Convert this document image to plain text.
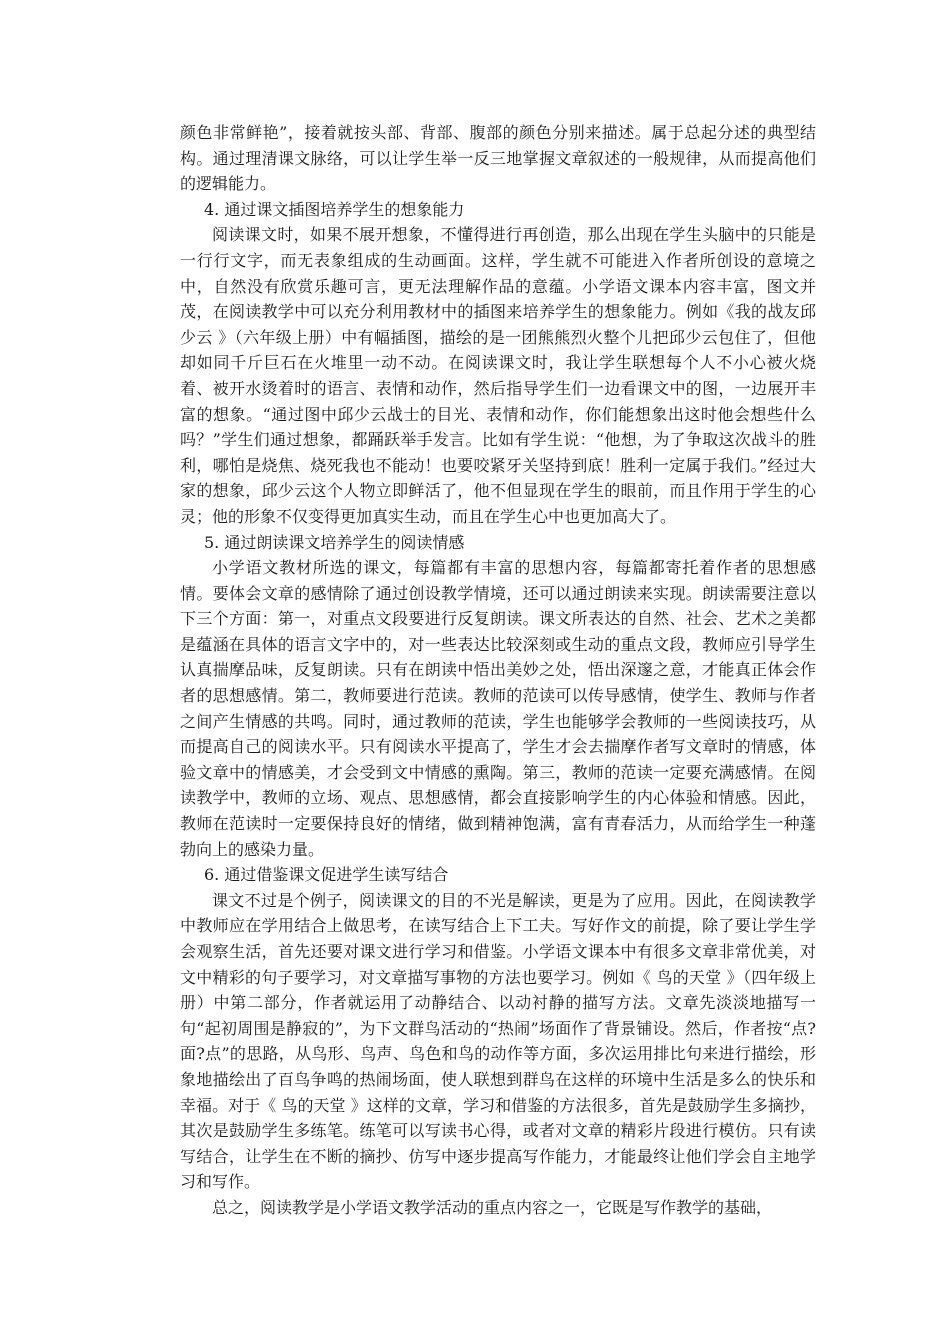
颜色非常鲜艳”，接着就按头部、背部、腹部的颜色分别来描述。属于总起分述的典型结构。通过理清课文脉络，可以让学生举一反三地掌握文章叙述的一般规律，从而提高他们的逻辑能力。

4. 通过课文插图培养学生的想象能力

阅读课文时，如果不展开想象，不懂得进行再创造，那么出现在学生头脑中的只能是一行行文字，而无表象组成的生动画面。这样，学生就不可能进入作者所创设的意境之中，自然没有欣赏乐趣可言，更无法理解作品的意蕴。小学语文课本内容丰富，图文并茂，在阅读教学中可以充分利用教材中的插图来培养学生的想象能力。例如《我的战友邱少云 》（六年级上册）中有幅插图，描绘的是一团熊熊烈火整个儿把邱少云包住了，但他却如同千斤巨石在火堆里一动不动。在阅读课文时，我让学生联想每个人不小心被火烧着、被开水烫着时的语言、表情和动作，然后指导学生们一边看课文中的图，一边展开丰富的想象。“通过图中邱少云战士的目光、表情和动作，你们能想象出这时他会想些什么吗？”学生们通过想象，都踊跃举手发言。比如有学生说：“他想，为了争取这次战斗的胜利，哪怕是烧焦、烧死我也不能动！也要咬紧牙关坚持到底！胜利一定属于我们。”经过大家的想象，邱少云这个人物立即鲜活了，他不但显现在学生的眼前，而且作用于学生的心灵；他的形象不仅变得更加真实生动，而且在学生心中也更加高大了。

5. 通过朗读课文培养学生的阅读情感

小学语文教材所选的课文，每篇都有丰富的思想内容，每篇都寄托着作者的思想感情。要体会文章的感情除了通过创设教学情境，还可以通过朗读来实现。朗读需要注意以下三个方面：第一，对重点文段要进行反复朗读。课文所表达的自然、社会、艺术之美都是蕴涵在具体的语言文字中的，对一些表达比较深刻或生动的重点文段，教师应引导学生认真揣摩品味，反复朗读。只有在朗读中悟出美妙之处，悟出深邃之意，才能真正体会作者的思想感情。第二，教师要进行范读。教师的范读可以传导感情，使学生、教师与作者之间产生情感的共鸣。同时，通过教师的范读，学生也能够学会教师的一些阅读技巧，从而提高自己的阅读水平。只有阅读水平提高了，学生才会去揣摩作者写文章时的情感，体验文章中的情感美，才会受到文中情感的熏陶。第三，教师的范读一定要充满感情。在阅读教学中，教师的立场、观点、思想感情，都会直接影响学生的内心体验和情感。因此，教师在范读时一定要保持良好的情绪，做到精神饱满，富有青春活力，从而给学生一种蓬勃向上的感染力量。

6. 通过借鉴课文促进学生读写结合

课文不过是个例子，阅读课文的目的不光是解读，更是为了应用。因此，在阅读教学中教师应在学用结合上做思考，在读写结合上下工夫。写好作文的前提，除了要让学生学会观察生活，首先还要对课文进行学习和借鉴。小学语文课本中有很多文章非常优美，对文中精彩的句子要学习，对文章描写事物的方法也要学习。例如《 鸟的天堂 》（四年级上册）中第二部分，作者就运用了动静结合、以动衬静的描写方法。文章先淡淡地描写一句“起初周围是静寂的”，为下文群鸟活动的“热闹”场面作了背景铺设。然后，作者按“点?面?点”的思路，从鸟形、鸟声、鸟色和鸟的动作等方面，多次运用排比句来进行描绘，形象地描绘出了百鸟争鸣的热闹场面，使人联想到群鸟在这样的环境中生活是多么的快乐和幸福。对于《 鸟的天堂 》这样的文章，学习和借鉴的方法很多，首先是鼓励学生多摘抄，其次是鼓励学生多练笔。练笔可以写读书心得，或者对文章的精彩片段进行模仿。只有读写结合，让学生在不断的摘抄、仿写中逐步提高写作能力，才能最终让他们学会自主地学习和写作。

总之，阅读教学是小学语文教学活动的重点内容之一，它既是写作教学的基础，
